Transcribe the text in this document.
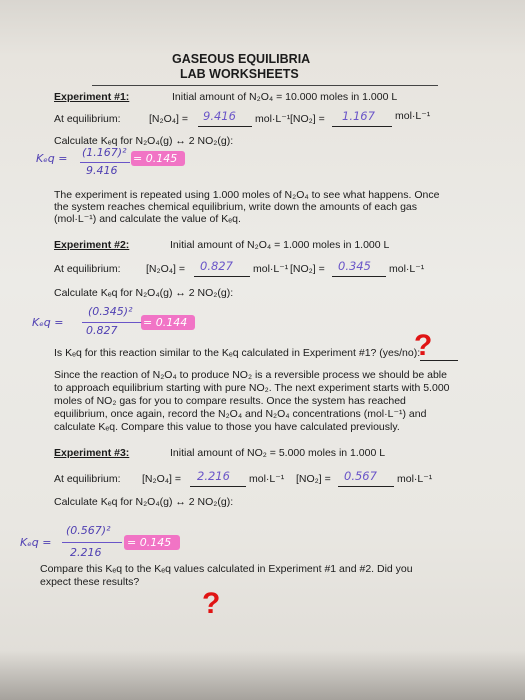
GASEOUS EQUILIBRIA
LAB WORKSHEETS
Experiment #1:	Initial amount of N₂O₄ = 10.000 moles in 1.000 L
At equilibrium:	[N₂O₄] = 9.416 mol·L⁻¹ [NO₂] = 1.167 mol·L⁻¹
Calculate Kₑq for N₂O₄(g) ↔ 2 NO₂(g):
Kₑq = (1.167)²
9.416
= 0.145
The experiment is repeated using 1.000 moles of N₂O₄ to see what happens. Once
the system reaches chemical equilibrium, write down the amounts of each gas
(mol·L⁻¹) and calculate the value of Kₑq.
Experiment #2:	Initial amount of N₂O₄ = 1.000 moles in 1.000 L
At equilibrium: [N₂O₄] = 0.827 mol·L⁻¹ [NO₂] = 0.345 mol·L⁻¹
Calculate Kₑq for N₂O₄(g) ↔ 2 NO₂(g):
Kₑq =
(0.345)²
0.827
= 0.144
?
Is Kₑq for this reaction similar to the Kₑq calculated in Experiment #1? (yes/no):
Since the reaction of N₂O₄ to produce NO₂ is a reversible process we should be able
to approach equilibrium starting with pure NO₂. The next experiment starts with 5.000
moles of NO₂ gas for you to compare results. Once the system has reached
equilibrium, once again, record the N₂O₄ and N₂O₄ concentrations (mol·L⁻¹) and
calculate Kₑq. Compare this value to those you have calculated previously.
Experiment #3:	Initial amount of NO₂ = 5.000 moles in 1.000 L
At equilibrium: [N₂O₄] = 2.216 mol·L⁻¹ [NO₂] = 0.567 mol·L⁻¹
Calculate Kₑq for N₂O₄(g) ↔ 2 NO₂(g):
Kₑq =
(0.567)²
2.216
= 0.145
Compare this Kₑq to the Kₑq values calculated in Experiment #1 and #2. Did you
expect these results?
?
